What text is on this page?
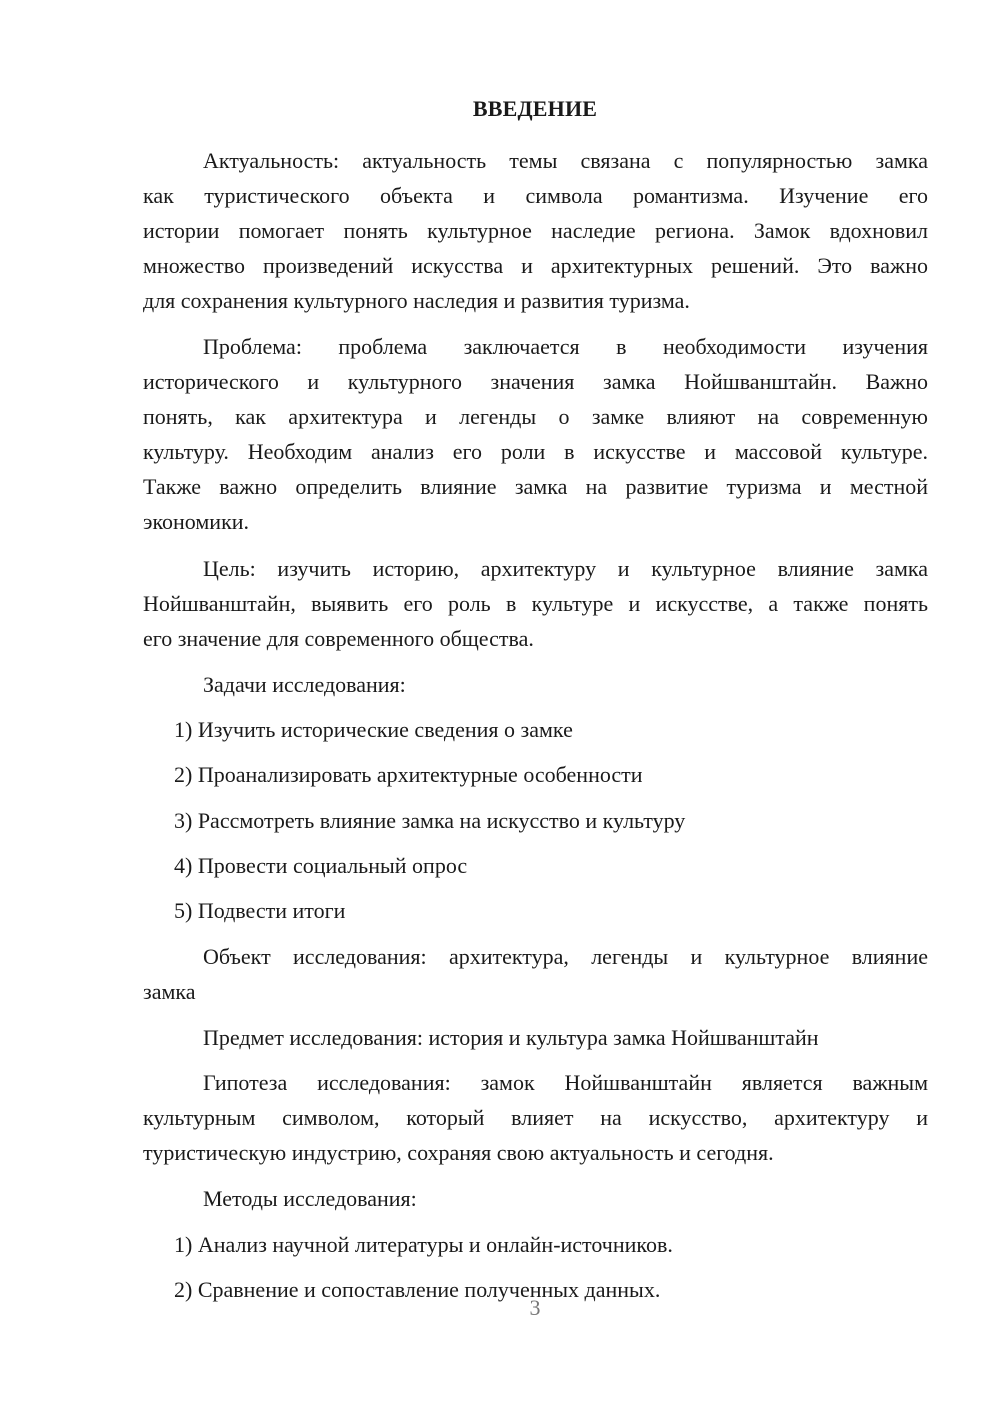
ВВЕДЕНИЕ
Актуальность: актуальность темы связана с популярностью замка
как туристического объекта и символа романтизма. Изучение его
истории помогает понять культурное наследие региона. Замок вдохновил
множество произведений искусства и архитектурных решений. Это важно
для сохранения культурного наследия и развития туризма.
Проблема: проблема заключается в необходимости изучения
исторического и культурного значения замка Нойшванштайн. Важно
понять, как архитектура и легенды о замке влияют на современную
культуру. Необходим анализ его роли в искусстве и массовой культуре.
Также важно определить влияние замка на развитие туризма и местной
экономики.
Цель: изучить историю, архитектуру и культурное влияние замка
Нойшванштайн, выявить его роль в культуре и искусстве, а также понять
его значение для современного общества.
Задачи исследования:
1) Изучить исторические сведения о замке
2) Проанализировать архитектурные особенности
3) Рассмотреть влияние замка на искусство и культуру
4) Провести социальный опрос
5) Подвести итоги
Объект исследования: архитектура, легенды и культурное влияние
замка
Предмет исследования: история и культура замка Нойшванштайн
Гипотеза исследования: замок Нойшванштайн является важным
культурным символом, который влияет на искусство, архитектуру и
туристическую индустрию, сохраняя свою актуальность и сегодня.
Методы исследования:
1) Анализ научной литературы и онлайн-источников.
2) Сравнение и сопоставление полученных данных.
3
